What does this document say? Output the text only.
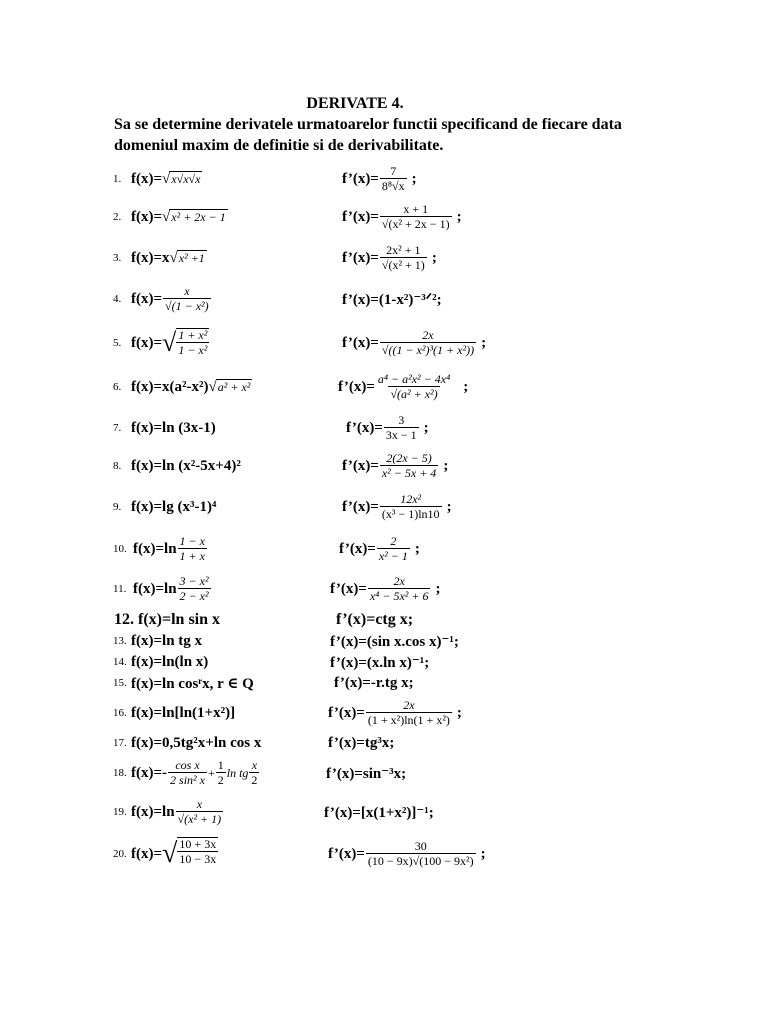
DERIVATE 4.
Sa se determine derivatele urmatoarelor functii specificand de fiecare data domeniul maxim de definitie si de derivabilitate.
1. f(x)= √ x√x√x	f’(x)= $\frac{7}{\text{8⁸√x}}$ ;
2. f(x)= √ x² + 2x − 1	f’(x)= $\frac{x + 1}{\text{√(x² + 2x − 1)}}$ ;
3. f(x)=x √ x² +1	f’(x)= $\frac{\text{2x² + 1}}{\text{√(x² + 1)}}$ ;
4. $f(x)= \frac{x}{\text{√(1 − x²)}}$	f’(x)=(1-x²)⁻³ᐟ²;
5. f(x)= √ $\frac{\text{1 + x²}}{\text{1 − x²}}$	f’(x)= $\frac{2x}{\text{√((1 − x²)³(1 + x²))}}$ ;
6. f(x)=x(a²-x²) √ a² + x²	f’(x)= $\frac{\text{a⁴ − a²x² − 4x⁴}}{\text{√(a² + x²)}}$ ;
7. f(x)=ln (3x-1)	f’(x)= $\frac{3}{3x - 1}$ ;
8. f(x)=ln (x²-5x+4)²	f’(x)= $\frac{2(2x - 5)}{\text{x² − 5x + 4}}$ ;
9. f(x)=lg (x³-1)⁴	f’(x)= $\frac{\text{12x²}}{\text{(x³ − 1)ln10}}$ ;
10. $f(x)=\ln \frac{1 - x}{1 + x}$	f’(x)= $\frac{2}{\text{x² − 1}}$ ;
11. $f(x)=\ln \frac{\text{3 − x²}}{\text{2 − x²}}$	f’(x)= $\frac{2x}{\text{x⁴ − 5x² + 6}}$ ;
12. f(x)=ln sin x	f’(x)=ctg x;
13. f(x)=ln tg x	f’(x)=(sin x.cos x)⁻¹;
14. f(x)=ln(ln x)	f’(x)=(x.ln x)⁻¹;
15. f(x)=ln cosʳx, r ∈ Q	f’(x)=-r.tg x;
16. f(x)=ln[ln(1+x²)]	f’(x)= $\frac{2x}{\text{(1 + x²)ln(1 + x²)}}$ ;
17. f(x)=0,5tg²x+ln cos x	f’(x)=tg³x;
18. $f(x)=- \frac{\text{cos x}}{\text{2 sin² x}} + \frac{1}{2}$ ln tg $\frac{x}{2}$	f’(x)=sin⁻³x;
19. $f(x)=\ln \frac{x}{\text{√(x² + 1)}}$	f’(x)=[x(1+x²)]⁻¹;
20. f(x)= √ $\frac{10 + 3x}{10 - 3x}$	f’(x)= $\frac{30}{\text{(10 − 9x)√(100 − 9x²)}}$ ;
